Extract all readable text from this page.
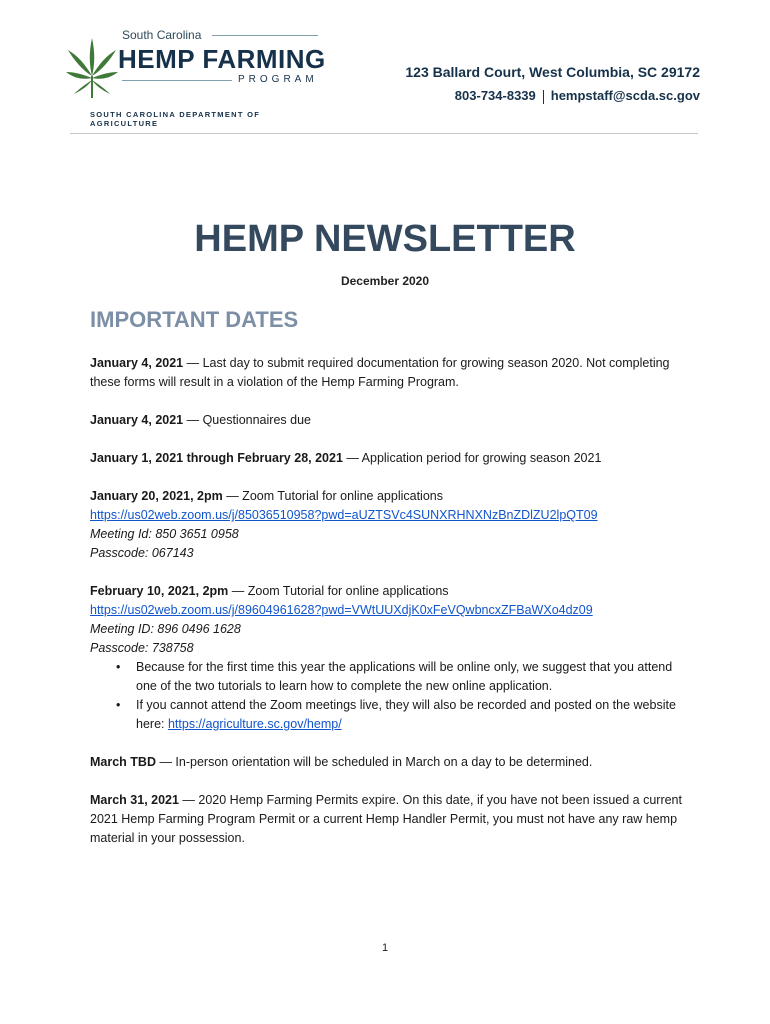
South Carolina
HEMP FARMING
PROGRAM
SOUTH CAROLINA DEPARTMENT OF AGRICULTURE
123 Ballard Court, West Columbia, SC 29172
803-734-8339 hempstaff@scda.sc.gov
HEMP NEWSLETTER
December 2020
IMPORTANT DATES
January 4, 2021 — Last day to submit required documentation for growing season 2020. Not completing these forms will result in a violation of the Hemp Farming Program.
January 4, 2021 — Questionnaires due
January 1, 2021 through February 28, 2021 — Application period for growing season 2021
January 20, 2021, 2pm — Zoom Tutorial for online applications
https://us02web.zoom.us/j/85036510958?pwd=aUZTSVc4SUNXRHNXNzBnZDlZU2lpQT09
Meeting Id: 850 3651 0958
Passcode: 067143
February 10, 2021, 2pm — Zoom Tutorial for online applications
https://us02web.zoom.us/j/89604961628?pwd=VWtUUXdjK0xFeVQwbncxZFBaWXo4dz09
Meeting ID: 896 0496 1628
Passcode: 738758
• Because for the first time this year the applications will be online only, we suggest that you attend one of the two tutorials to learn how to complete the new online application.
• If you cannot attend the Zoom meetings live, they will also be recorded and posted on the website here: https://agriculture.sc.gov/hemp/
March TBD — In-person orientation will be scheduled in March on a day to be determined.
March 31, 2021 — 2020 Hemp Farming Permits expire. On this date, if you have not been issued a current 2021 Hemp Farming Program Permit or a current Hemp Handler Permit, you must not have any raw hemp material in your possession.
1
